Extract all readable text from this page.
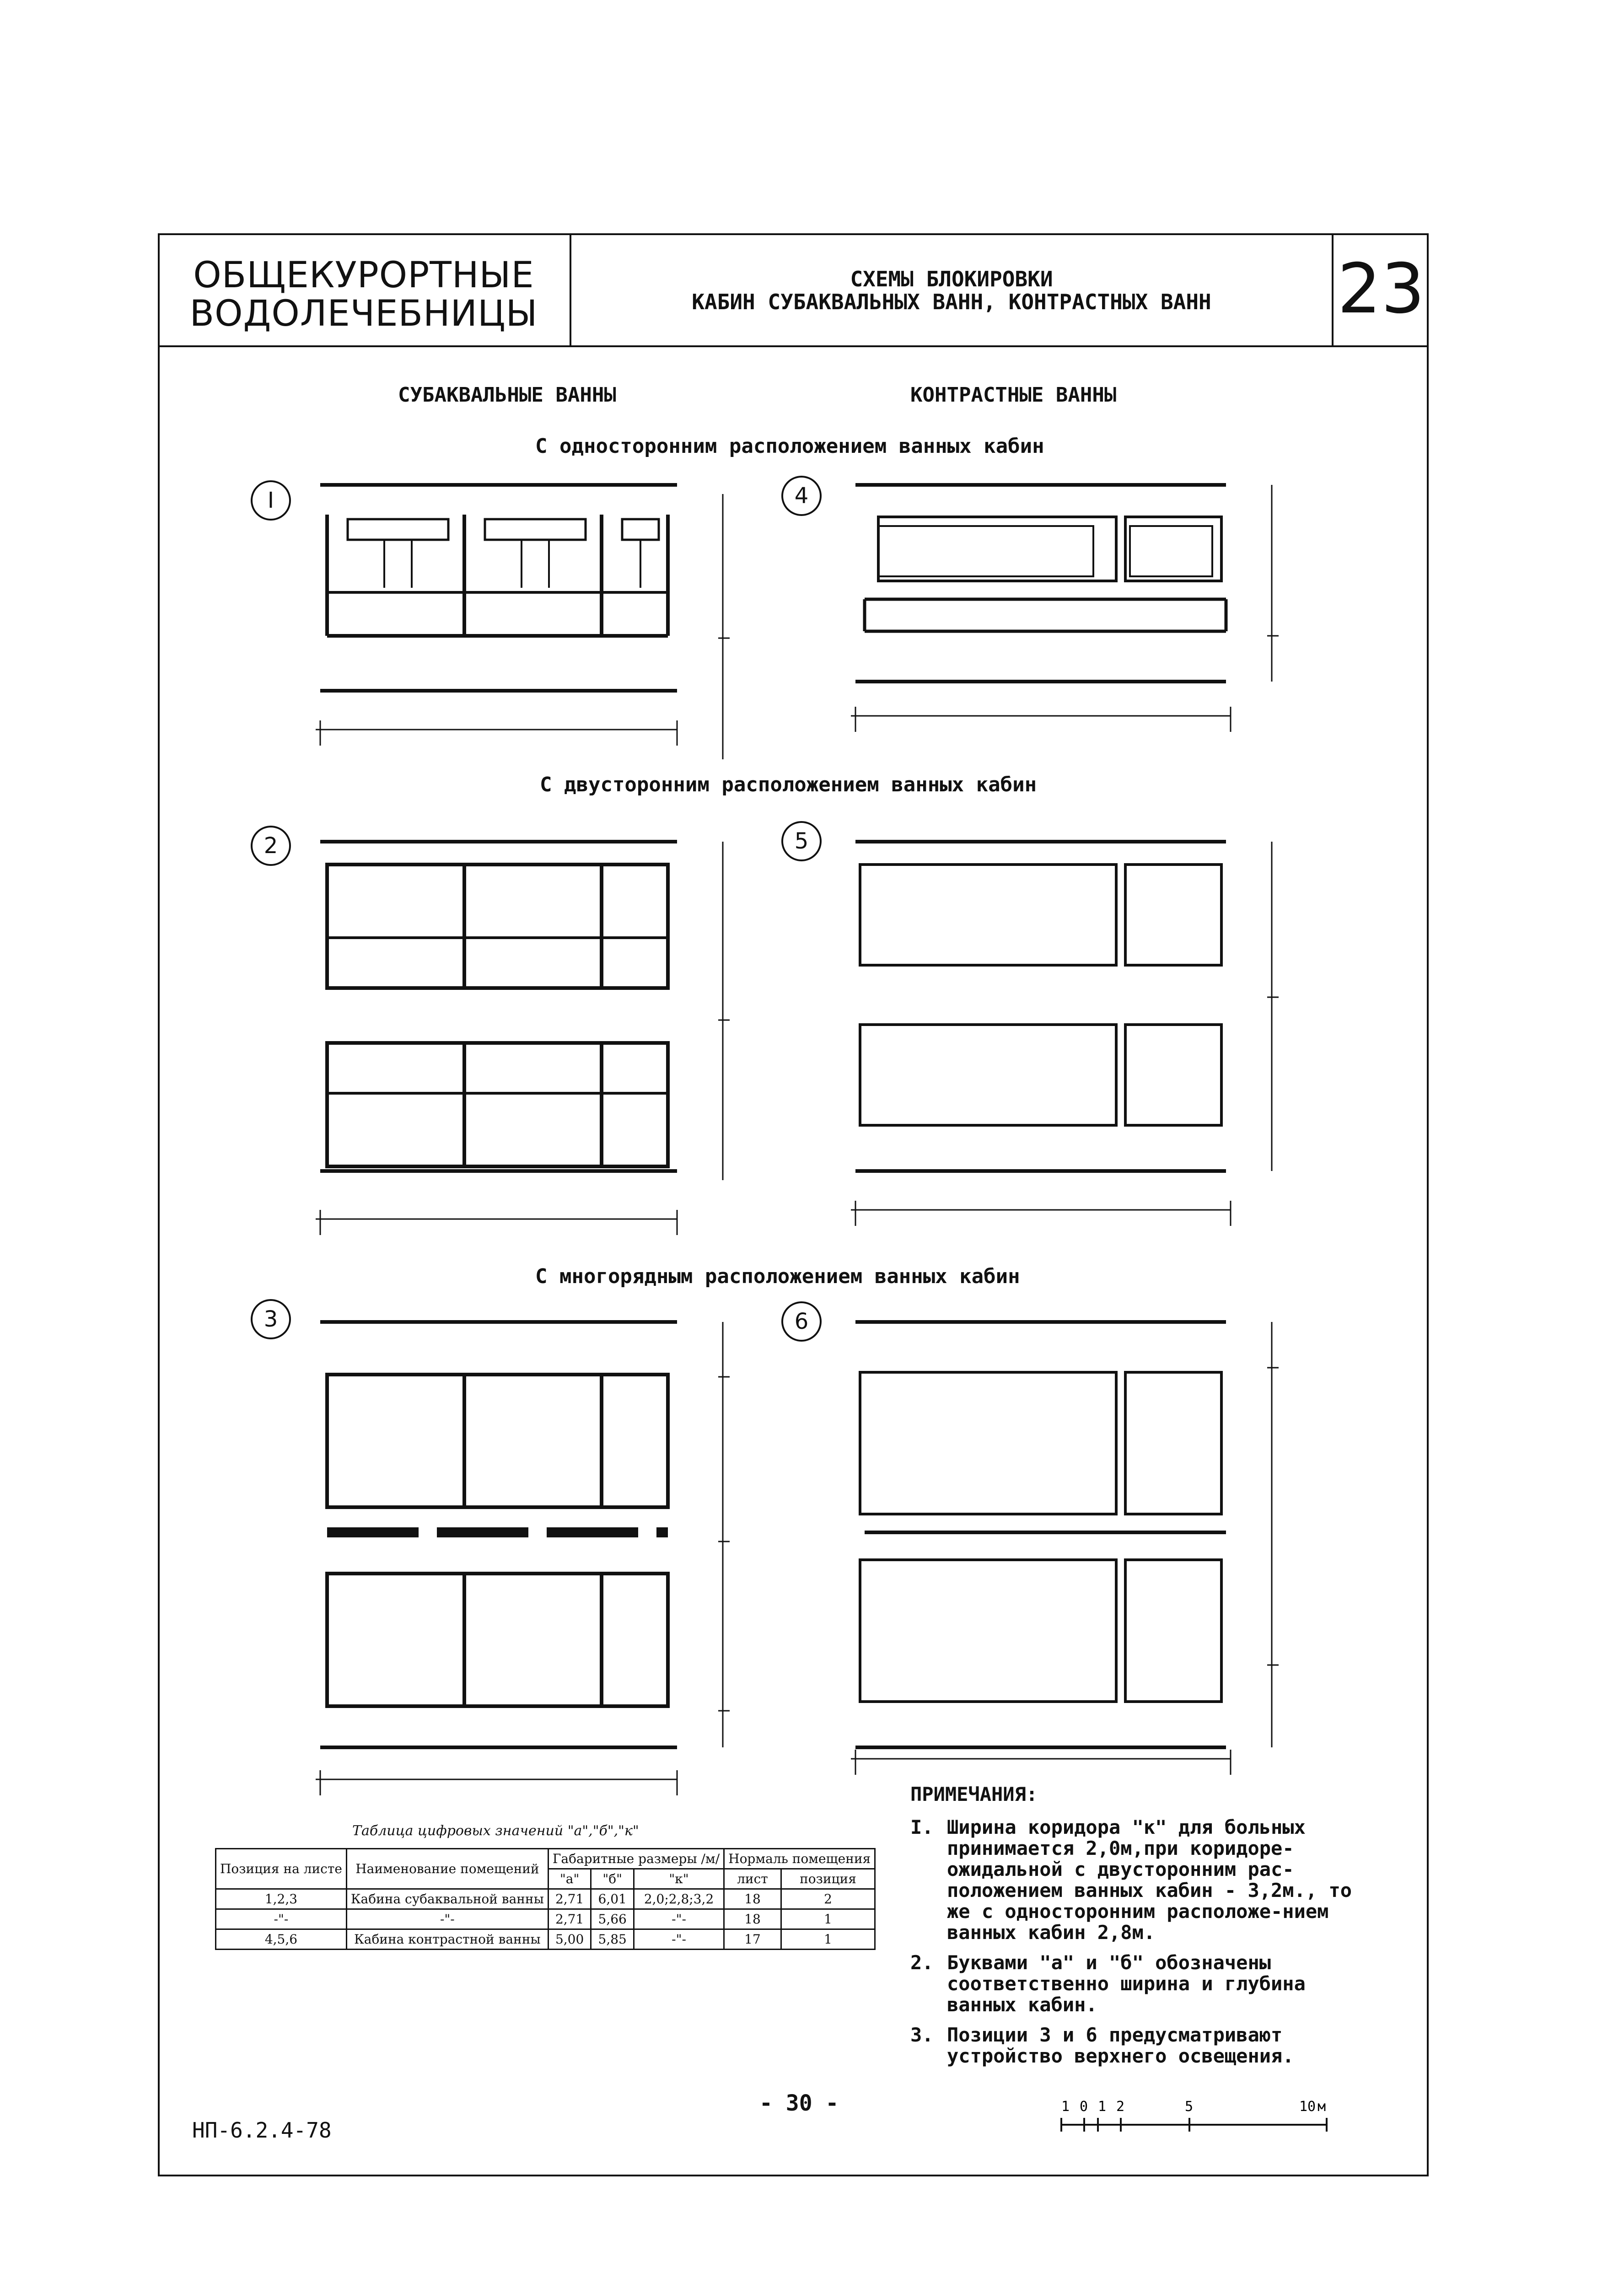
ОБЩЕКУРОРТНЫЕ
ВОДОЛЕЧЕБНИЦЫ
СХЕМЫ БЛОКИРОВКИ
КАБИН СУБАКВАЛЬНЫХ ВАНН, КОНТРАСТНЫХ ВАНН	23
СУБАКВАЛЬНЫЕ ВАННЫ	КОНТРАСТНЫЕ ВАННЫ
С односторонним расположением ванных кабин
С двусторонним расположением ванных кабин
С многорядным расположением ванных кабин
I
2
3
4
5
6
Таблица цифровых значений "а","б","к"
Позиция на листе	Наименование помещений	Габаритные размеры /м/			Нормаль помещения	
		"а"	"б"	"к"	лист	позиция
1,2,3	Кабина субаквальной ванны	2,71	6,01	2,0;2,8;3,2	18	2
-"-	-"-	2,71	5,66	-"-	18	1
4,5,6	Кабина контрастной ванны	5,00	5,85	-"-	17	1
ПРИМЕЧАНИЯ:
I. Ширина коридора "к" для больных принимается 2,0м,при коридоре-ожидальной с двусторонним рас-положением ванных кабин - 3,2м., то же с односторонним расположе-нием ванных кабин 2,8м.
2. Буквами "а" и "б" обозначены соответственно ширина и глубина ванных кабин.
3. Позиции 3 и 6 предусматривают устройство верхнего освещения.
- 30 -
НП-6.2.4-78
1 0 1 2	5	10 м
